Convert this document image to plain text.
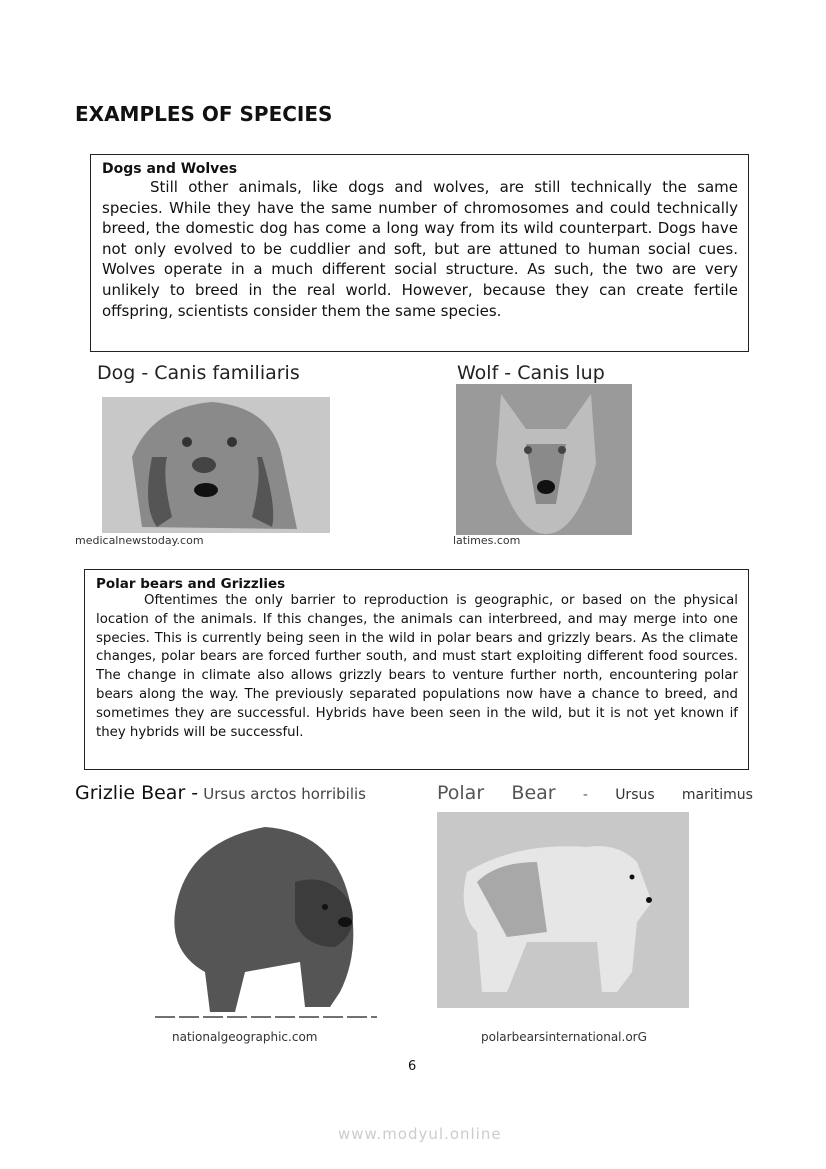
EXAMPLES OF SPECIES
Dogs and Wolves

Still other animals, like dogs and wolves, are still technically the same species. While they have the same number of chromosomes and could technically breed, the domestic dog has come a long way from its wild counterpart. Dogs have not only evolved to be cuddlier and soft, but are attuned to human social cues. Wolves operate in a much different social structure. As such, the two are very unlikely to breed in the real world. However, because they can create fertile offspring, scientists consider them the same species.

Dog - Canis familiaris
medicalnewstoday.com
Wolf - Canis lup
latimes.com
Polar bears and Grizzlies

Oftentimes the only barrier to reproduction is geographic, or based on the physical location of the animals. If this changes, the animals can interbreed, and may merge into one species. This is currently being seen in the wild in polar bears and grizzly bears. As the climate changes, polar bears are forced further south, and must start exploiting different food sources. The change in climate also allows grizzly bears to venture further north, encountering polar bears along the way. The previously separated populations now have a chance to breed, and sometimes they are successful. Hybrids have been seen in the wild, but it is not yet known if they hybrids will be successful.

Grizlie Bear - Ursus arctos horribilis	Polar Bear - Ursus maritimus
nationalgeographic.com	polarbearsinternational.orG
6
www.modyul.online
